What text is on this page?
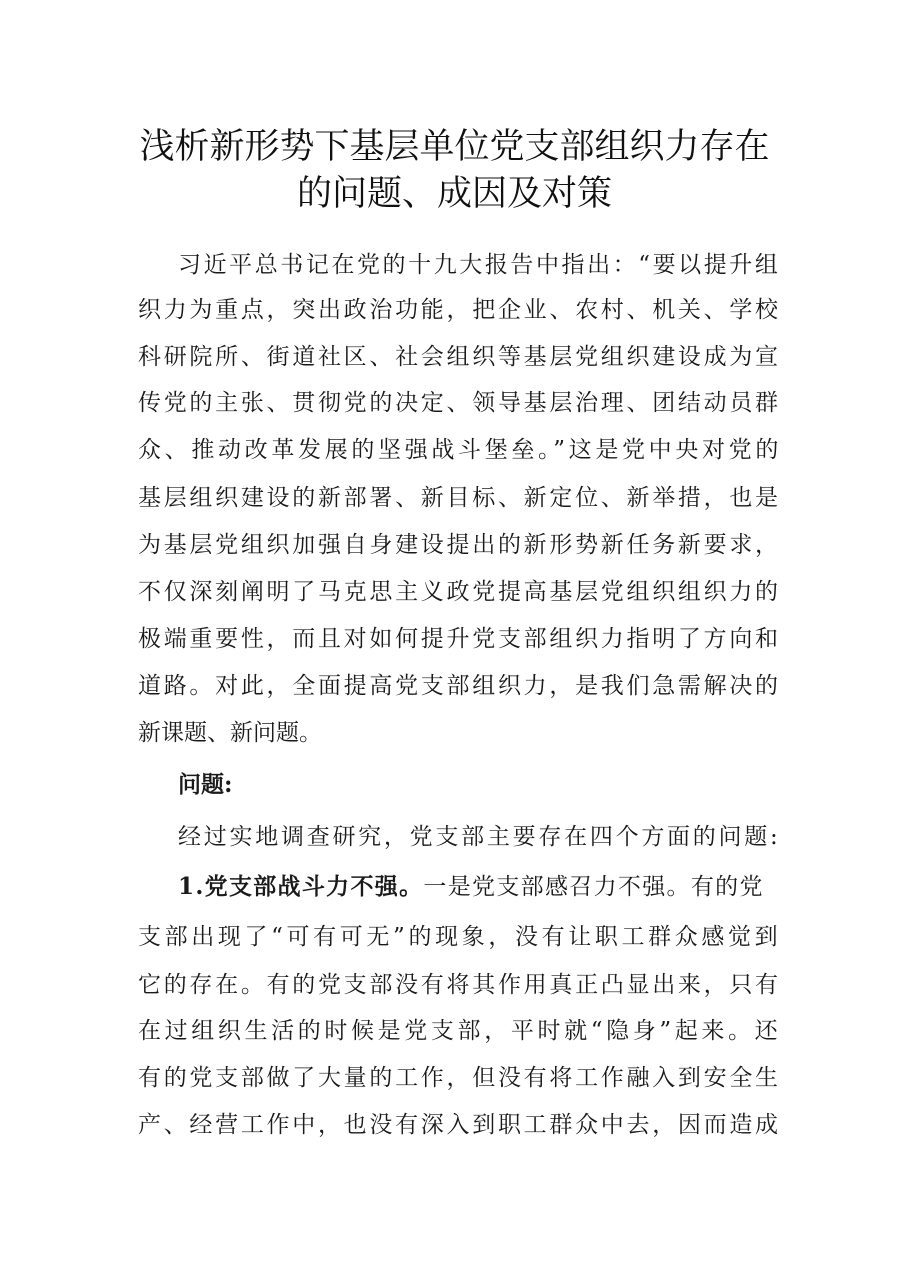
浅析新形势下基层单位党支部组织力存在
的问题、成因及对策
习近平总书记在党的十九大报告中指出：“要以提升组
织力为重点，突出政治功能，把企业、农村、机关、学校
科研院所、街道社区、社会组织等基层党组织建设成为宣
传党的主张、贯彻党的决定、领导基层治理、团结动员群
众、推动改革发展的坚强战斗堡垒。”这是党中央对党的
基层组织建设的新部署、新目标、新定位、新举措，也是
为基层党组织加强自身建设提出的新形势新任务新要求，
不仅深刻阐明了马克思主义政党提高基层党组织组织力的
极端重要性，而且对如何提升党支部组织力指明了方向和
道路。对此，全面提高党支部组织力，是我们急需解决的
新课题、新问题。
问题:
经过实地调查研究，党支部主要存在四个方面的问题:
1.党支部战斗力不强。一是党支部感召力不强。有的党
支部出现了“可有可无”的现象，没有让职工群众感觉到
它的存在。有的党支部没有将其作用真正凸显出来，只有
在过组织生活的时候是党支部，平时就“隐身”起来。还
有的党支部做了大量的工作，但没有将工作融入到安全生
产、经营工作中，也没有深入到职工群众中去，因而造成
